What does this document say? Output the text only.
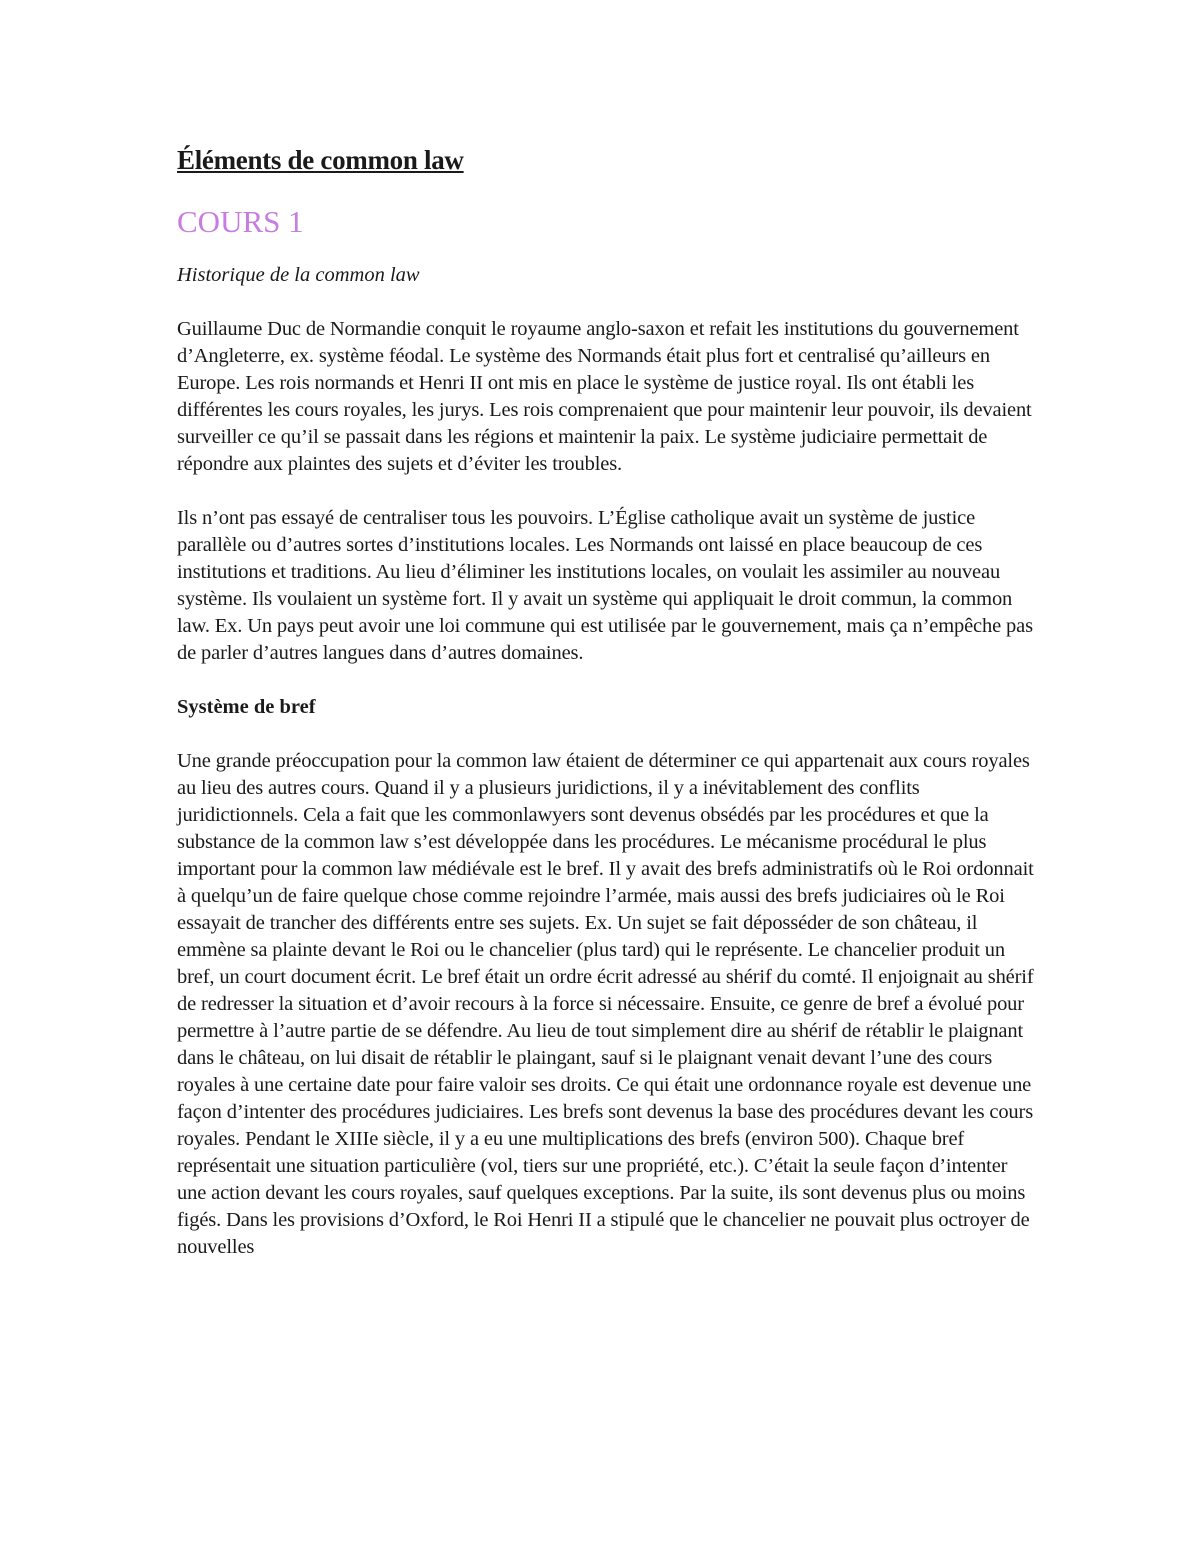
Éléments de common law
COURS 1

Historique de la common law

Guillaume Duc de Normandie conquit le royaume anglo-saxon et refait les institutions du gouvernement d’Angleterre, ex. système féodal. Le système des Normands était plus fort et centralisé qu’ailleurs en Europe. Les rois normands et Henri II ont mis en place le système de justice royal. Ils ont établi les différentes les cours royales, les jurys. Les rois comprenaient que pour maintenir leur pouvoir, ils devaient surveiller ce qu’il se passait dans les régions et maintenir la paix. Le système judiciaire permettait de répondre aux plaintes des sujets et d’éviter les troubles.

Ils n’ont pas essayé de centraliser tous les pouvoirs. L’Église catholique avait un système de justice parallèle ou d’autres sortes d’institutions locales. Les Normands ont laissé en place beaucoup de ces institutions et traditions. Au lieu d’éliminer les institutions locales, on voulait les assimiler au nouveau système. Ils voulaient un système fort. Il y avait un système qui appliquait le droit commun, la common law. Ex. Un pays peut avoir une loi commune qui est utilisée par le gouvernement, mais ça n’empêche pas de parler d’autres langues dans d’autres domaines.

Système de bref

Une grande préoccupation pour la common law étaient de déterminer ce qui appartenait aux cours royales au lieu des autres cours. Quand il y a plusieurs juridictions, il y a inévitablement des conflits juridictionnels. Cela a fait que les commonlawyers sont devenus obsédés par les procédures et que la substance de la common law s’est développée dans les procédures. Le mécanisme procédural le plus important pour la common law médiévale est le bref. Il y avait des brefs administratifs où le Roi ordonnait à quelqu’un de faire quelque chose comme rejoindre l’armée, mais aussi des brefs judiciaires où le Roi essayait de trancher des différents entre ses sujets. Ex. Un sujet se fait déposséder de son château, il emmène sa plainte devant le Roi ou le chancelier (plus tard) qui le représente. Le chancelier produit un bref, un court document écrit. Le bref était un ordre écrit adressé au shérif du comté. Il enjoignait au shérif de redresser la situation et d’avoir recours à la force si nécessaire. Ensuite, ce genre de bref a évolué pour permettre à l’autre partie de se défendre. Au lieu de tout simplement dire au shérif de rétablir le plaignant dans le château, on lui disait de rétablir le plaingant, sauf si le plaignant venait devant l’une des cours royales à une certaine date pour faire valoir ses droits. Ce qui était une ordonnance royale est devenue une façon d’intenter des procédures judiciaires. Les brefs sont devenus la base des procédures devant les cours royales. Pendant le XIIIe siècle, il y a eu une multiplications des brefs (environ 500). Chaque bref représentait une situation particulière (vol, tiers sur une propriété, etc.). C’était la seule façon d’intenter une action devant les cours royales, sauf quelques exceptions. Par la suite, ils sont devenus plus ou moins figés. Dans les provisions d’Oxford, le Roi Henri II a stipulé que le chancelier ne pouvait plus octroyer de nouvelles
